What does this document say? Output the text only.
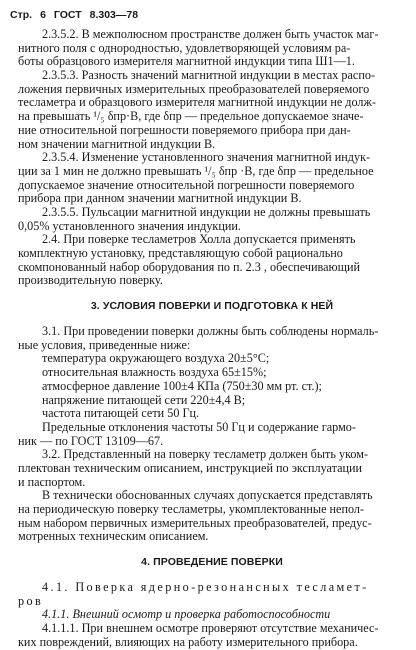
Стр. 6 ГОСТ 8.303—78
2.3.5.2. В межполюсном пространстве должен быть участок маг-
нитного поля с однородностью, удовлетворяющей условиям ра-
боты образцового измерителя магнитной индукции типа Ш1—1.
2.3.5.3. Разность значений магнитной индукции в местах распо-
ложения первичных измерительных преобразователей поверяемого
тесламетра и образцового измерителя магнитной индукции не долж-
на превышать ¹/₅ δпр·B, где δпр — предельное допускаемое значе-
ние относительной погрешности поверяемого прибора при дан-
ном значении магнитной индукции B.
2.3.5.4. Изменение установленного значения магнитной индук-
ции за 1 мин не должно превышать ¹/₅ δпр ·B, где δпр — предельное
допускаемое значение относительной погрешности поверяемого
прибора при данном значении магнитной индукции B.
2.3.5.5. Пульсации магнитной индукции не должны превышать
0,05% установленного значения индукции.
2.4. При поверке тесламетров Холла допускается применять
комплектную установку, представляющую собой рационально
скомпонованный набор оборудования по п. 2.3 , обеспечивающий
производительную поверку.
3. УСЛОВИЯ ПОВЕРКИ И ПОДГОТОВКА К НЕЙ
3.1. При проведении поверки должны быть соблюдены нормаль-
ные условия, приведенные ниже:
температура окружающего воздуха 20±5°С;
относительная влажность воздуха 65±15%;
атмосферное давление 100±4 КПа (750±30 мм рт. ст.);
напряжение питающей сети 220±4,4 В;
частота питающей сети 50 Гц.
Предельные отклонения частоты 50 Гц и содержание гармо-
ник — по ГОСТ 13109—67.
3.2. Представленный на поверку тесламетр должен быть уком-
плектован техническим описанием, инструкцией по эксплуатации
и паспортом.
В технически обоснованных случаях допускается представлять
на периодическую поверку тесламетры, укомплектованные непол-
ным набором первичных измерительных преобразователей, предус-
мотренных техническим описанием.
4. ПРОВЕДЕНИЕ ПОВЕРКИ
4.1. Поверка ядерно-резонансных тесламет-
ров
4.1.1. Внешний осмотр и проверка работоспособности
4.1.1.1. При внешнем осмотре проверяют отсутствие механичес-
ких повреждений, влияющих на работу измерительного прибора.
